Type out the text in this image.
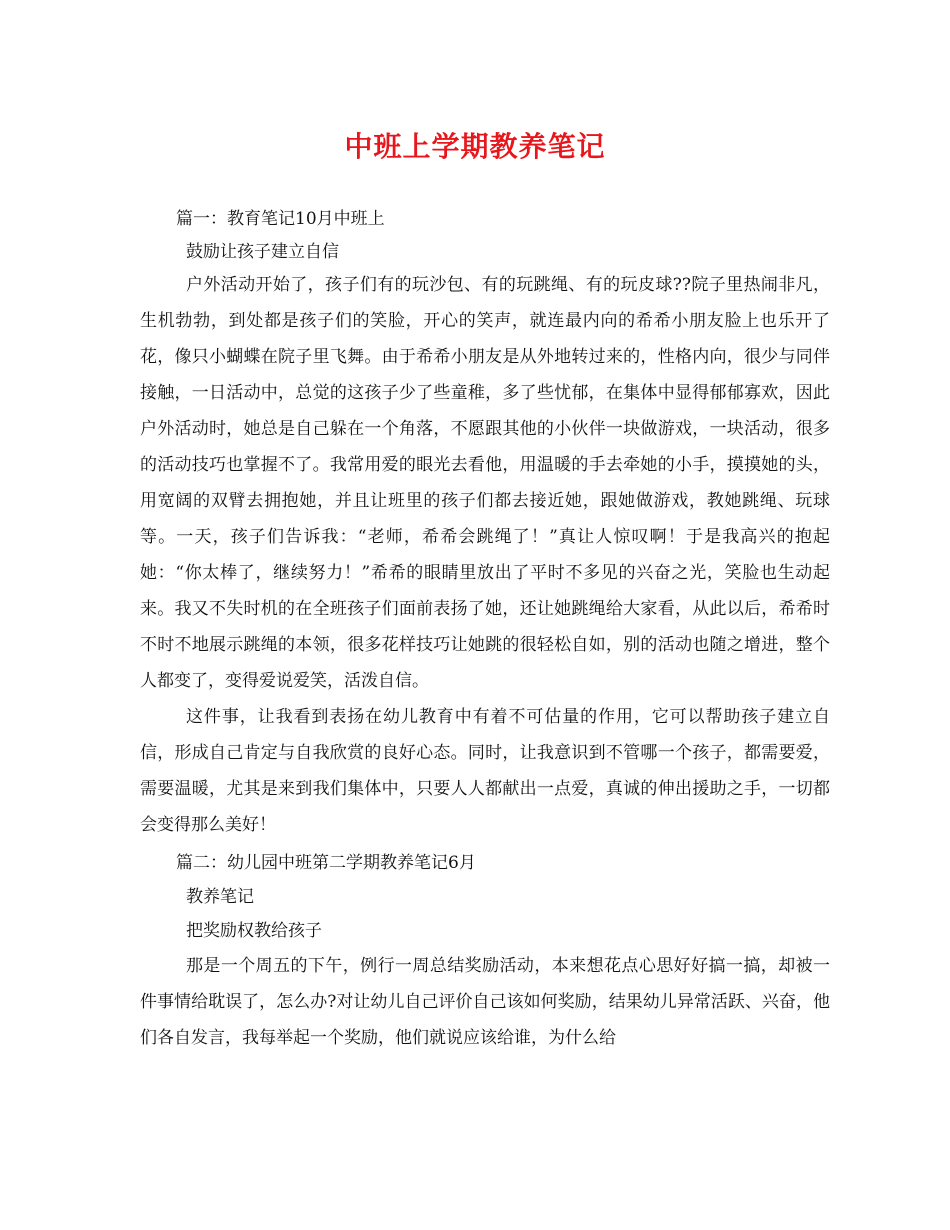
中班上学期教养笔记

篇一：教育笔记10月中班上

鼓励让孩子建立自信

户外活动开始了，孩子们有的玩沙包、有的玩跳绳、有的玩皮球??院子里热闹非凡，生机勃勃，到处都是孩子们的笑脸，开心的笑声，就连最内向的希希小朋友脸上也乐开了花，像只小蝴蝶在院子里飞舞。由于希希小朋友是从外地转过来的，性格内向，很少与同伴接触，一日活动中，总觉的这孩子少了些童稚，多了些忧郁，在集体中显得郁郁寡欢，因此户外活动时，她总是自己躲在一个角落，不愿跟其他的小伙伴一块做游戏，一块活动，很多的活动技巧也掌握不了。我常用爱的眼光去看他，用温暖的手去牵她的小手，摸摸她的头，用宽阔的双臂去拥抱她，并且让班里的孩子们都去接近她，跟她做游戏，教她跳绳、玩球等。一天，孩子们告诉我：“老师，希希会跳绳了！”真让人惊叹啊！于是我高兴的抱起她：“你太棒了，继续努力！”希希的眼睛里放出了平时不多见的兴奋之光，笑脸也生动起来。我又不失时机的在全班孩子们面前表扬了她，还让她跳绳给大家看，从此以后，希希时不时不地展示跳绳的本领，很多花样技巧让她跳的很轻松自如，别的活动也随之增进，整个人都变了，变得爱说爱笑，活泼自信。

这件事，让我看到表扬在幼儿教育中有着不可估量的作用，它可以帮助孩子建立自信，形成自己肯定与自我欣赏的良好心态。同时，让我意识到不管哪一个孩子，都需要爱，需要温暖，尤其是来到我们集体中，只要人人都献出一点爱，真诚的伸出援助之手，一切都会变得那么美好！

篇二：幼儿园中班第二学期教养笔记6月

教养笔记

把奖励权教给孩子

那是一个周五的下午，例行一周总结奖励活动，本来想花点心思好好搞一搞，却被一件事情给耽误了，怎么办?对让幼儿自己评价自己该如何奖励，结果幼儿异常活跃、兴奋，他们各自发言，我每举起一个奖励，他们就说应该给谁，为什么给
